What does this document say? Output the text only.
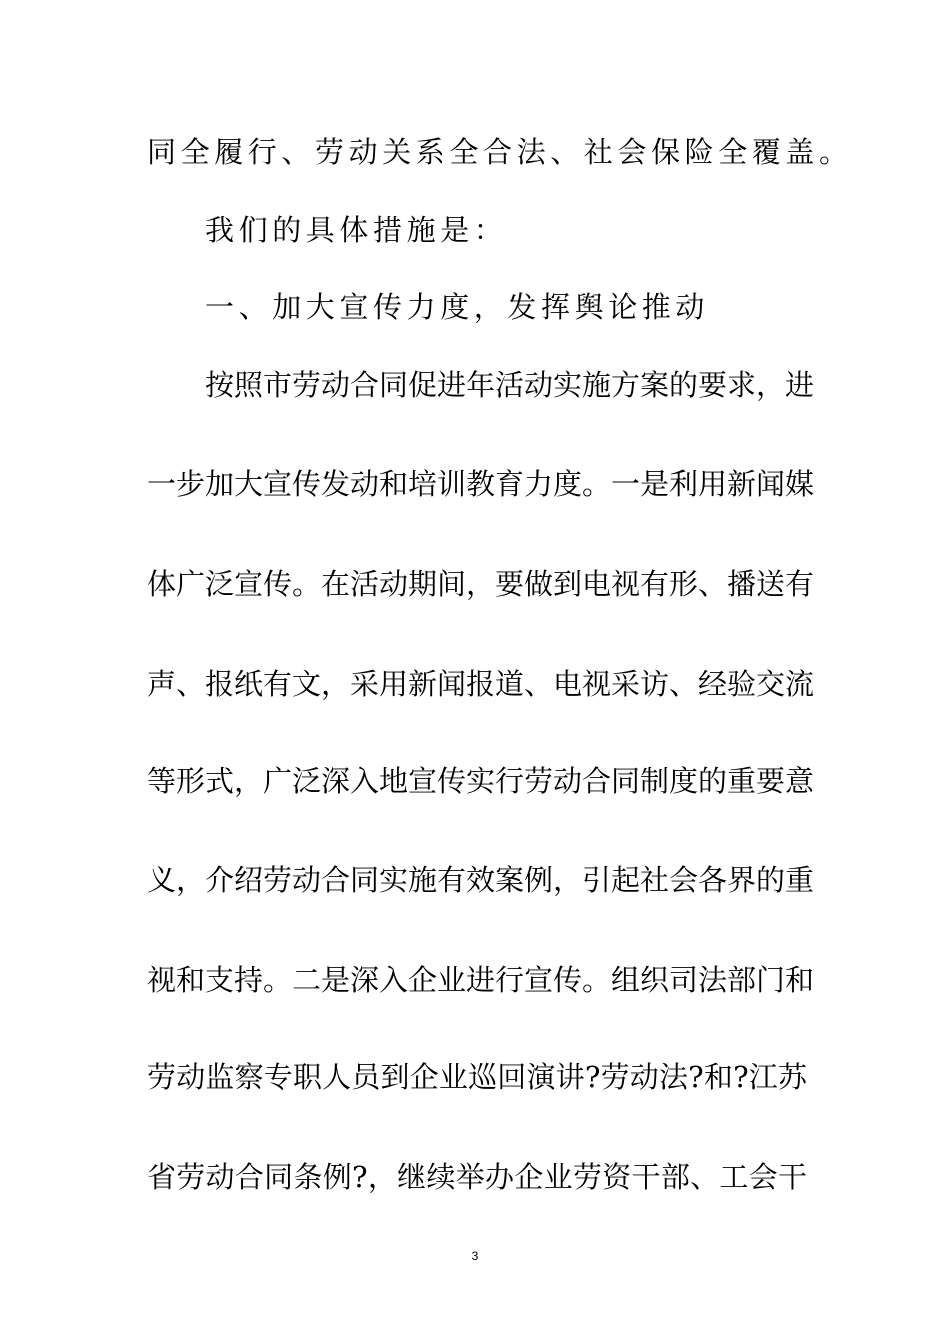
同全履行、劳动关系全合法、社会保险全覆盖。
我们的具体措施是：
一、加大宣传力度，发挥舆论推动
按照市劳动合同促进年活动实施方案的要求，进
一步加大宣传发动和培训教育力度。一是利用新闻媒
体广泛宣传。在活动期间，要做到电视有形、播送有
声、报纸有文，采用新闻报道、电视采访、经验交流
等形式，广泛深入地宣传实行劳动合同制度的重要意
义，介绍劳动合同实施有效案例，引起社会各界的重
视和支持。二是深入企业进行宣传。组织司法部门和
劳动监察专职人员到企业巡回演讲?劳动法?和?江苏
省劳动合同条例?，继续举办企业劳资干部、工会干
3
